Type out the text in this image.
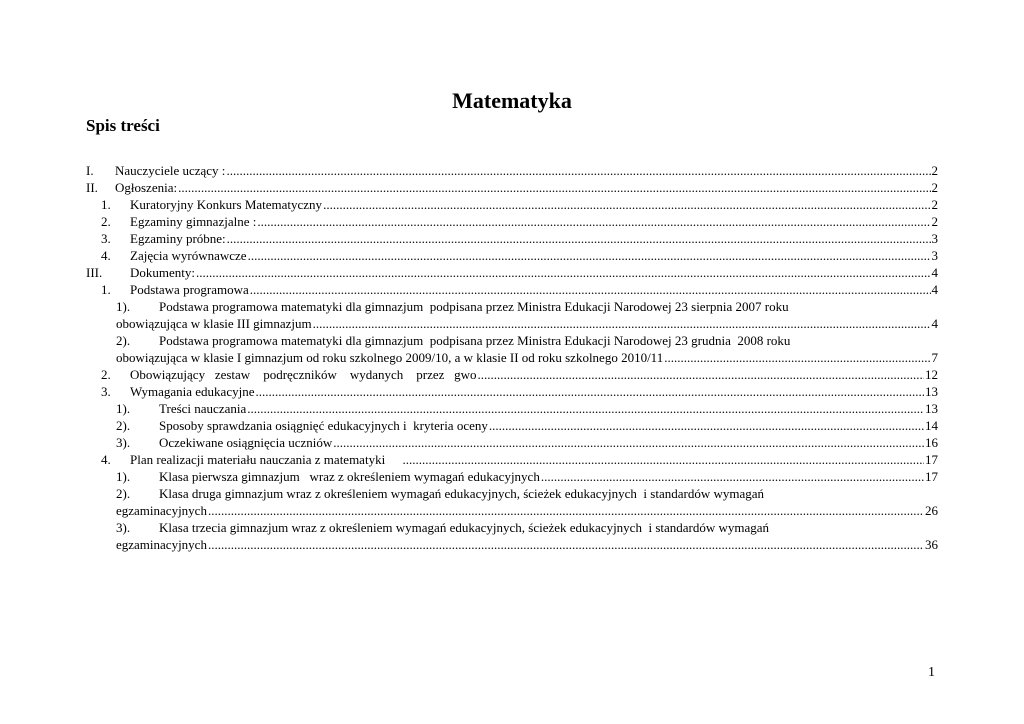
Matematyka
Spis treści
I. Nauczyciele uczący : .....	2
II. Ogłoszenia: .....	2
1. Kuratoryjny Konkurs Matematyczny .....	2
2. Egzaminy gimnazjalne : .....	2
3. Egzaminy próbne: .....	3
4. Zajęcia wyrównawcze .....	3
III. Dokumenty: .....	4
1. Podstawa programowa .....	4
1). Podstawa programowa matematyki dla gimnazjum  podpisana przez Ministra Edukacji Narodowej 23 sierpnia 2007 roku
obowiązująca w klasie III gimnazjum .....	4
2). Podstawa programowa matematyki dla gimnazjum  podpisana przez Ministra Edukacji Narodowej 23 grudnia  2008 roku
obowiązująca w klasie I gimnazjum od roku szkolnego 2009/10, a w klasie II od roku szkolnego 2010/11 .....	7
2. Obowiązujący   zestaw    podręczników    wydanych    przez   gwo .....	12
3. Wymagania edukacyjne .....	13
1). Treści nauczania .....	13
2). Sposoby sprawdzania osiągnięć edukacyjnych i  kryteria oceny .....	14
3). Oczekiwane osiągnięcia uczniów .....	16
4. Plan realizacji materiału nauczania z matematyki .....	17
1). Klasa pierwsza gimnazjum   wraz z określeniem wymagań edukacyjnych .....	17
2). Klasa druga gimnazjum wraz z określeniem wymagań edukacyjnych, ścieżek edukacyjnych  i standardów wymagań
egzaminacyjnych .....	26
3). Klasa trzecia gimnazjum wraz z określeniem wymagań edukacyjnych, ścieżek edukacyjnych  i standardów wymagań
egzaminacyjnych .....	36
1
